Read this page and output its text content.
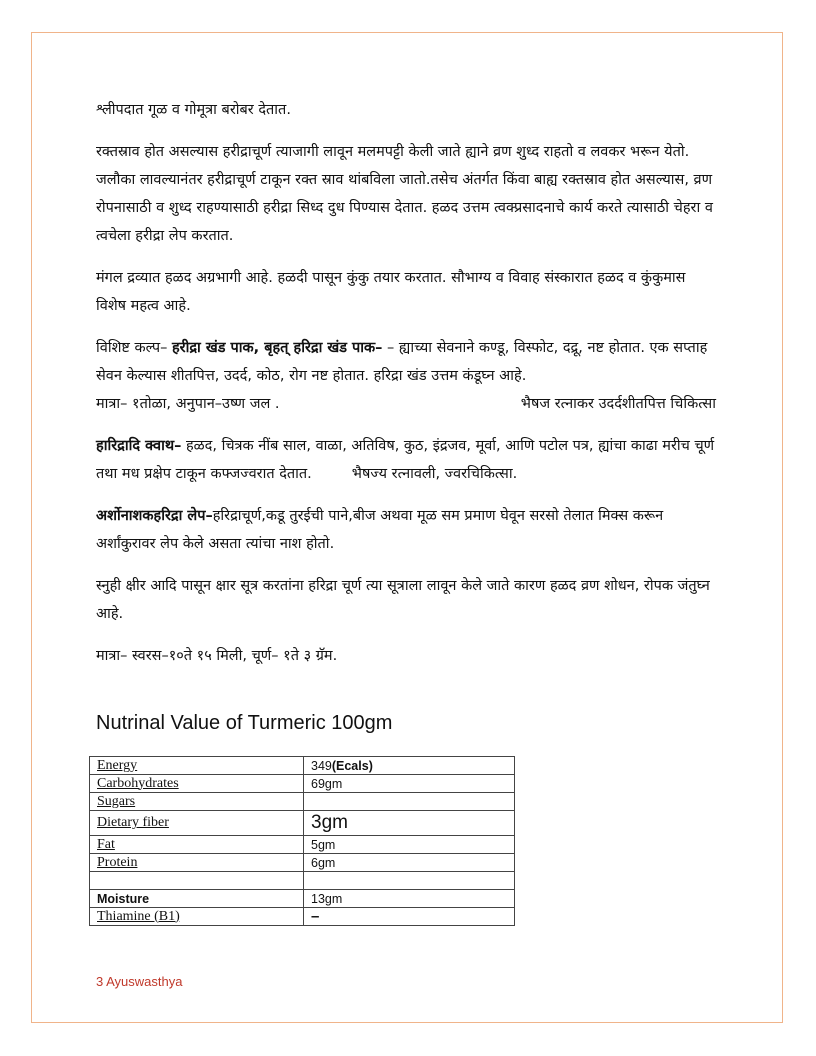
श्लीपदात गूळ व गोमूत्रा बरोबर देतात.

रक्तस्राव होत असल्यास हरीद्राचूर्ण त्याजागी लावून मलमपट्टी केली जाते ह्याने व्रण शुध्द राहतो व लवकर भरून येतो. जलौका लावल्यानंतर हरीद्राचूर्ण टाकून रक्त स्राव थांबविला जातो.तसेच अंतर्गत किंवा बाह्य रक्तस्राव होत असल्यास, व्रण रोपनासाठी व शुध्द राहण्यासाठी हरीद्रा सिध्द दुध पिण्यास देतात. हळद उत्तम त्वक्प्रसादनाचे कार्य करते त्यासाठी चेहरा व त्वचेला हरीद्रा लेप करतात.

मंगल द्रव्यात हळद अग्रभागी आहे. हळदी पासून कुंकु तयार करतात. सौभाग्य व विवाह संस्कारात हळद व कुंकुमास विशेष महत्व आहे.

विशिष्ट कल्प– हरीद्रा खंड पाक, बृहत् हरिद्रा खंड पाक– – ह्याच्या सेवनाने कण्डू, विस्फोट, दद्रू, नष्ट होतात. एक सप्ताह सेवन केल्यास शीतपित्त, उदर्द, कोठ, रोग नष्ट होतात. हरिद्रा खंड उत्तम कंडूघ्न आहे.
मात्रा– १तोळा, अनुपान–उष्ण जल .	भैषज रत्नाकर उदर्दशीतपित्त चिकित्सा

हारिद्रादि क्वाथ– हळद, चित्रक नींब साल, वाळा, अतिविष, कुठ, इंद्रजव, मूर्वा, आणि पटोल पत्र, ह्यांचा काढा मरीच चूर्ण तथा मध प्रक्षेप टाकून कफ्जज्वरात देतात.	भैषज्य रत्नावली, ज्वरचिकित्सा.

अर्शोनाशकहरिद्रा लेप–हरिद्राचूर्ण,कडू तुरईची पाने,बीज अथवा मूळ सम प्रमाण घेवून सरसो तेलात मिक्स करून अर्शांकुरावर लेप केले असता त्यांचा नाश होतो.

स्नुही क्षीर आदि पासून क्षार सूत्र करतांना हरिद्रा चूर्ण त्या सूत्राला लावून केले जाते कारण हळद व्रण शोधन, रोपक जंतुघ्न आहे.

मात्रा– स्वरस–१०ते १५ मिली, चूर्ण– १ते ३ ग्रॅम.

Nutrinal Value of Turmeric 100gm
Energy	349(Ecals)
Carbohydrates	69gm
Sugars	
Dietary fiber	3gm
Fat	5gm
Protein	6gm

Moisture	13gm
Thiamine (B1)	–
3 Ayuswasthya
